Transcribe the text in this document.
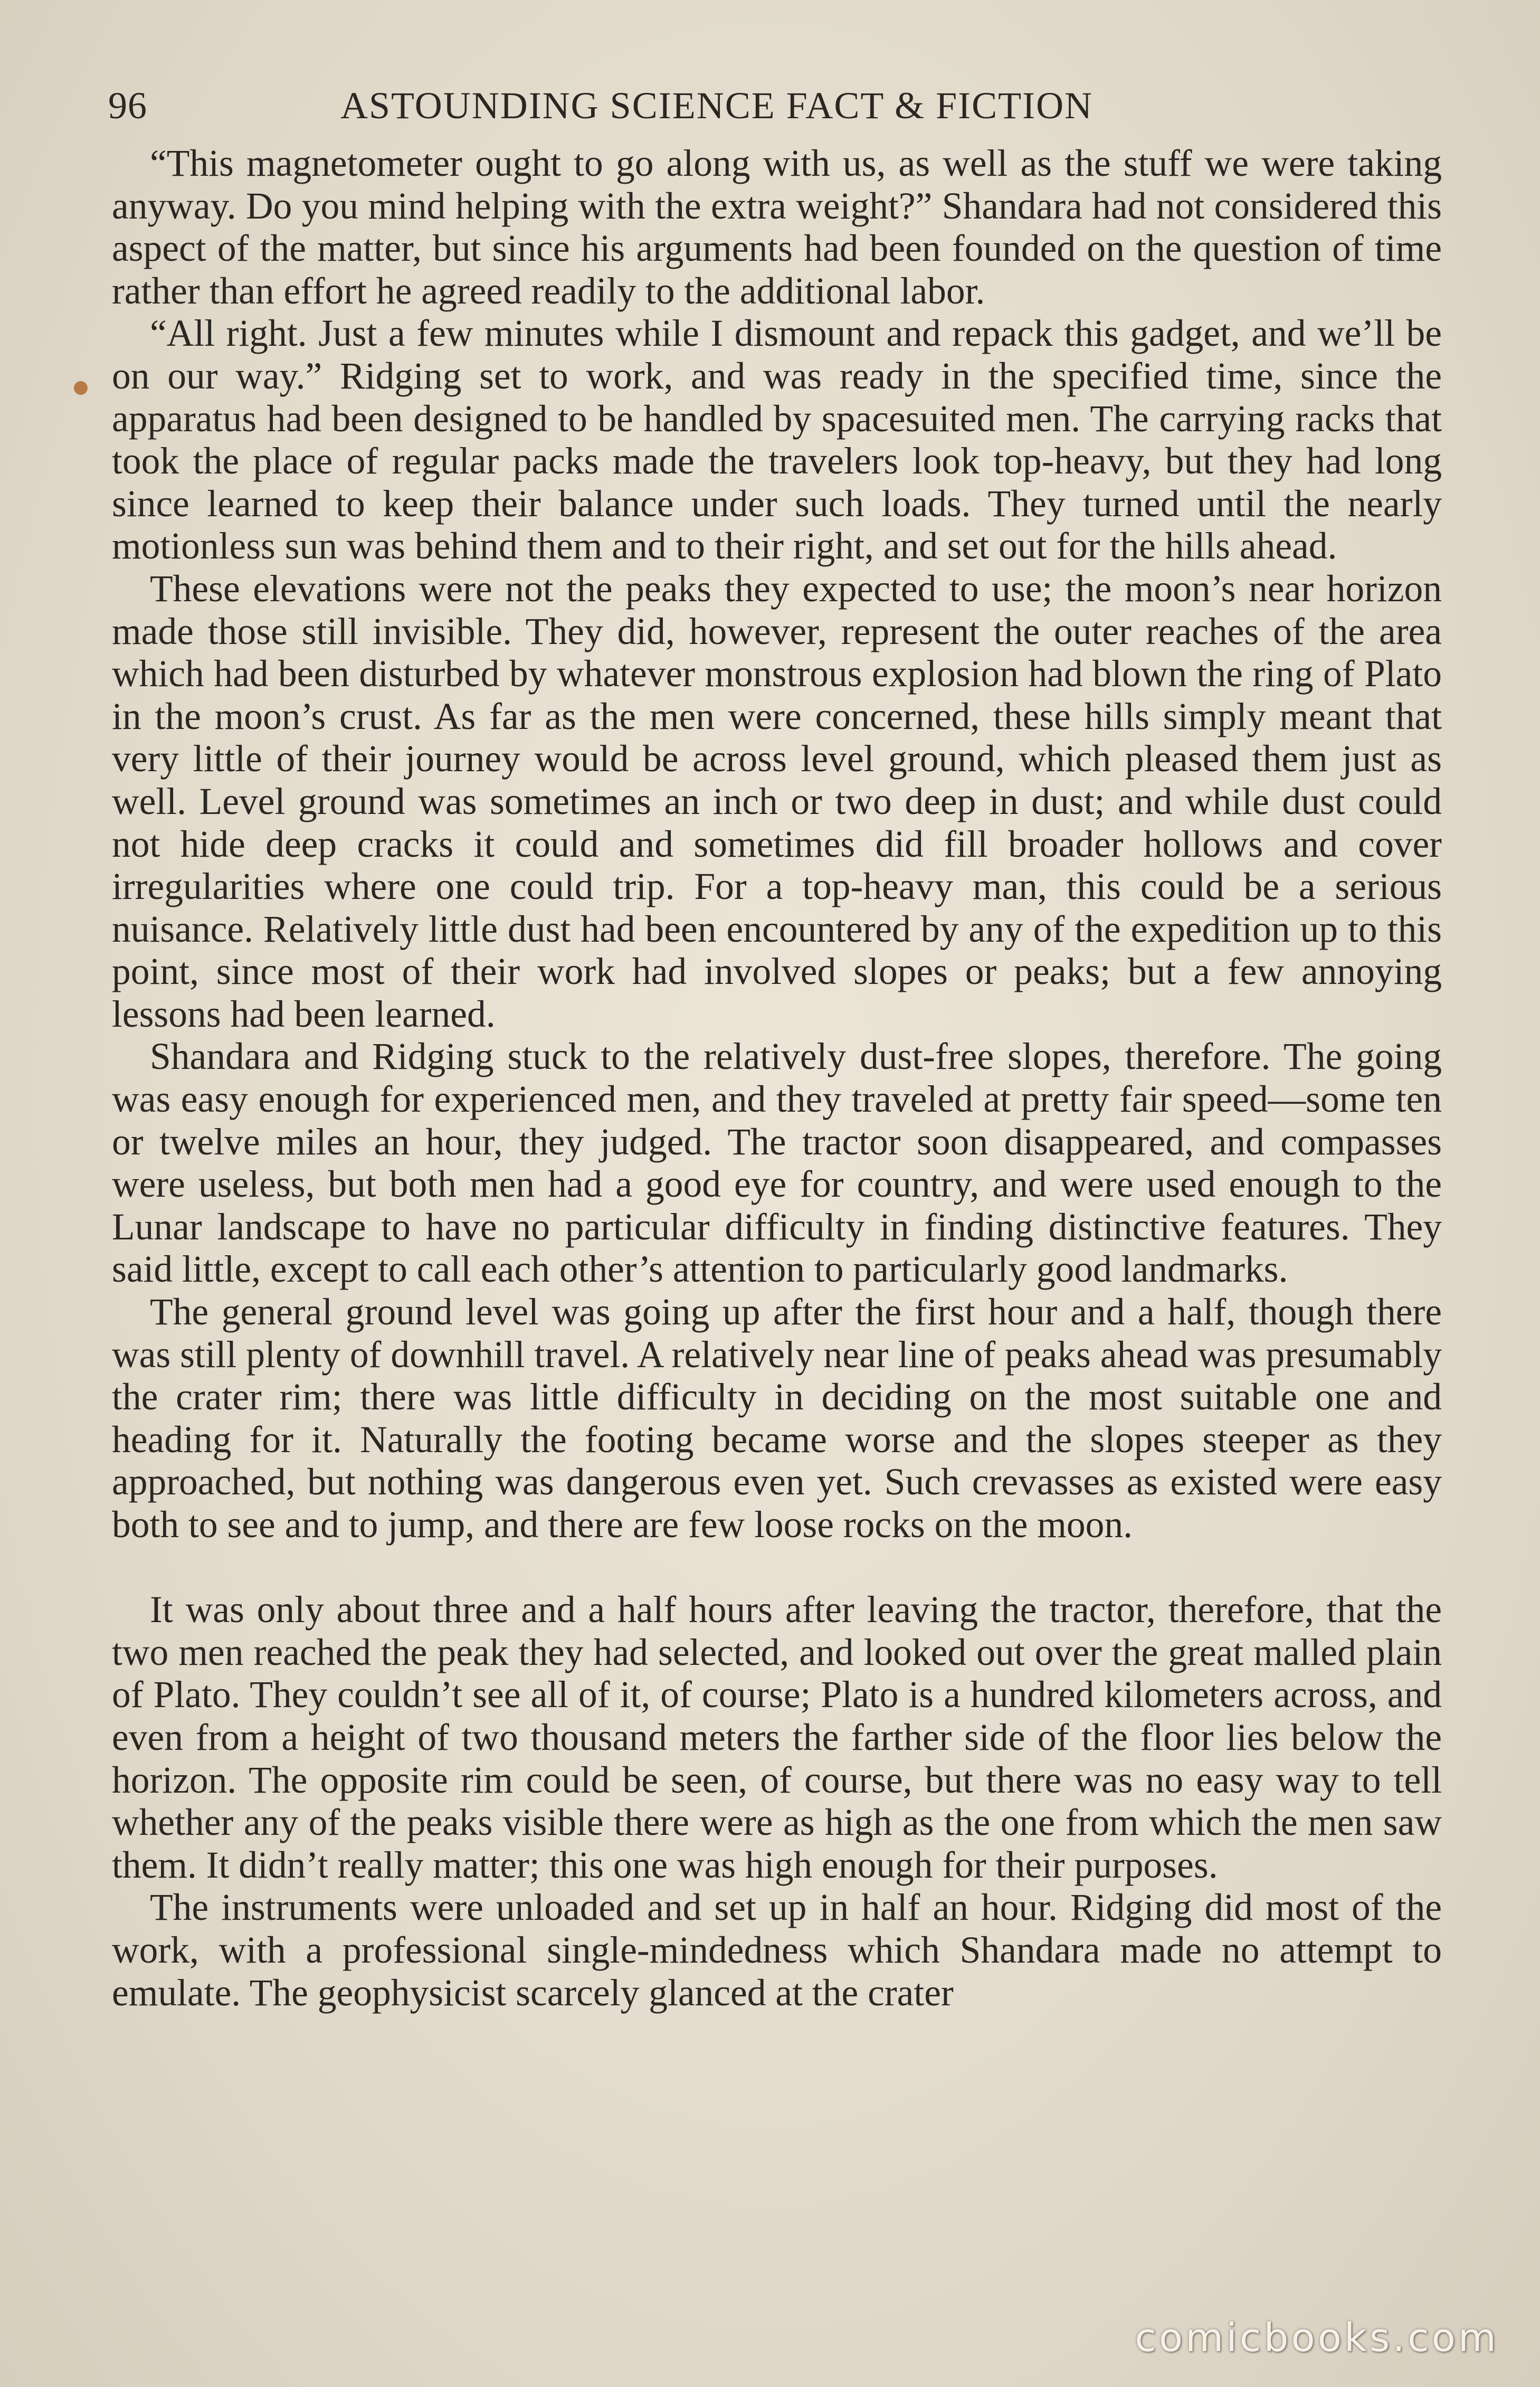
96	ASTOUNDING SCIENCE FACT & FICTION

“This magnetometer ought to go along with us, as well as the stuff we were taking anyway. Do you mind helping with the extra weight?” Shandara had not considered this aspect of the matter, but since his arguments had been founded on the question of time rather than effort he agreed readily to the additional labor.

“All right. Just a few minutes while I dismount and repack this gadget, and we’ll be on our way.” Ridging set to work, and was ready in the specified time, since the apparatus had been designed to be handled by spacesuited men. The carrying racks that took the place of regular packs made the travelers look top-heavy, but they had long since learned to keep their balance under such loads. They turned until the nearly motionless sun was behind them and to their right, and set out for the hills ahead.

These elevations were not the peaks they expected to use; the moon’s near horizon made those still invisible. They did, however, represent the outer reaches of the area which had been disturbed by whatever monstrous explosion had blown the ring of Plato in the moon’s crust. As far as the men were concerned, these hills simply meant that very little of their journey would be across level ground, which pleased them just as well. Level ground was sometimes an inch or two deep in dust; and while dust could not hide deep cracks it could and sometimes did fill broader hollows and cover irregularities where one could trip. For a top-heavy man, this could be a serious nuisance. Relatively little dust had been encountered by any of the expedition up to this point, since most of their work had involved slopes or peaks; but a few annoying lessons had been learned.

Shandara and Ridging stuck to the relatively dust-free slopes, therefore. The going was easy enough for experienced men, and they traveled at pretty fair speed—some ten or twelve miles an hour, they judged. The tractor soon disappeared, and compasses were useless, but both men had a good eye for country, and were used enough to the Lunar landscape to have no particular difficulty in finding distinctive features. They said little, except to call each other’s attention to particularly good landmarks.

The general ground level was going up after the first hour and a half, though there was still plenty of downhill travel. A relatively near line of peaks ahead was presumably the crater rim; there was little difficulty in deciding on the most suitable one and heading for it. Naturally the footing became worse and the slopes steeper as they approached, but nothing was dangerous even yet. Such crevasses as existed were easy both to see and to jump, and there are few loose rocks on the moon.

It was only about three and a half hours after leaving the tractor, therefore, that the two men reached the peak they had selected, and looked out over the great malled plain of Plato. They couldn’t see all of it, of course; Plato is a hundred kilometers across, and even from a height of two thousand meters the farther side of the floor lies below the horizon. The opposite rim could be seen, of course, but there was no easy way to tell whether any of the peaks visible there were as high as the one from which the men saw them. It didn’t really matter; this one was high enough for their purposes.

The instruments were unloaded and set up in half an hour. Ridging did most of the work, with a professional single-mindedness which Shandara made no attempt to emulate. The geophysicist scarcely glanced at the crater

comicbooks.com
